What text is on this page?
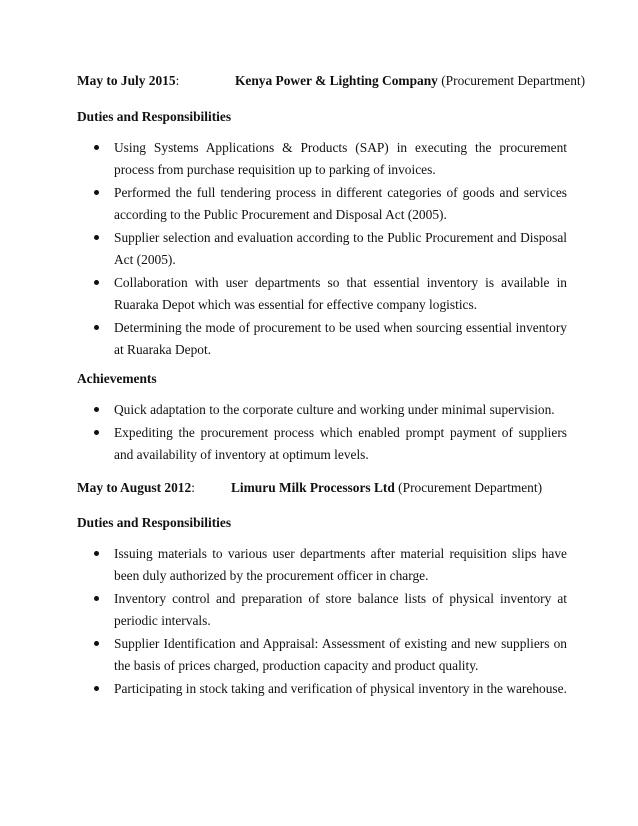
May to July 2015:	Kenya Power & Lighting Company (Procurement Department)
Duties and Responsibilities
Using Systems Applications & Products (SAP) in executing the procurement process from purchase requisition up to parking of invoices.
Performed the full tendering process in different categories of goods and services according to the Public Procurement and Disposal Act (2005).
Supplier selection and evaluation according to the Public Procurement and Disposal Act (2005).
Collaboration with user departments so that essential inventory is available in Ruaraka Depot which was essential for effective company logistics.
Determining the mode of procurement to be used when sourcing essential inventory at Ruaraka Depot.
Achievements
Quick adaptation to the corporate culture and working under minimal supervision.
Expediting the procurement process which enabled prompt payment of suppliers and availability of inventory at optimum levels.
May to August 2012:	Limuru Milk Processors Ltd (Procurement Department)
Duties and Responsibilities
Issuing materials to various user departments after material requisition slips have been duly authorized by the procurement officer in charge.
Inventory control and preparation of store balance lists of physical inventory at periodic intervals.
Supplier Identification and Appraisal: Assessment of existing and new suppliers on the basis of prices charged, production capacity and product quality.
Participating in stock taking and verification of physical inventory in the warehouse.
